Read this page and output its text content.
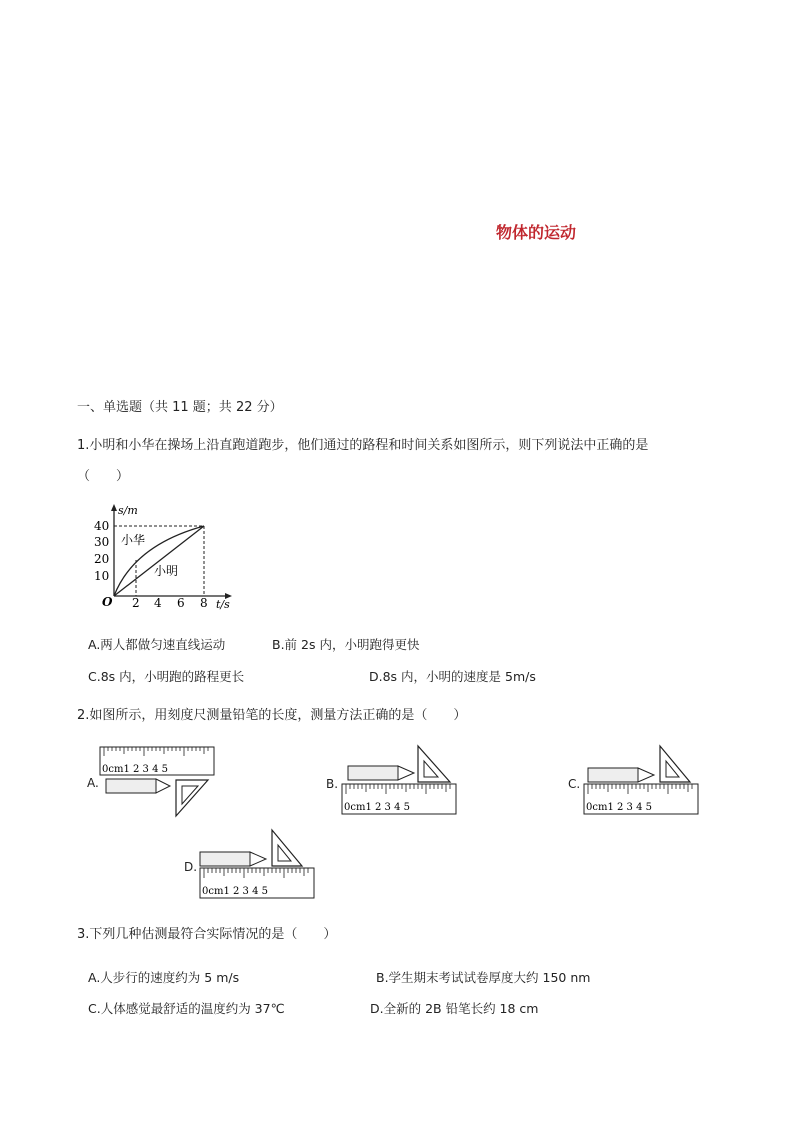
物体的运动
一、单选题（共 11 题；共 22 分）
1.小明和小华在操场上沿直跑道跑步，他们通过的路程和时间关系如图所示，则下列说法中正确的是
（　　）
s/m
t/s
O
10
20
30
40
2 4 6 8
小华
小明
A.两人都做匀速直线运动	B.前 2s 内，小明跑得更快
C.8s 内，小明跑的路程更长	D.8s 内，小明的速度是 5m/s
2.如图所示，用刻度尺测量铅笔的长度，测量方法正确的是（　　）
A.
0cm1 2 3 4 5
B.
0cm1 2 3 4 5
C.
0cm1 2 3 4 5
D.
0cm1 2 3 4 5
3.下列几种估测最符合实际情况的是（　　）
A.人步行的速度约为 5 m/s	B.学生期末考试试卷厚度大约 150 nm
C.人体感觉最舒适的温度约为 37℃	D.全新的 2B 铅笔长约 18 cm
